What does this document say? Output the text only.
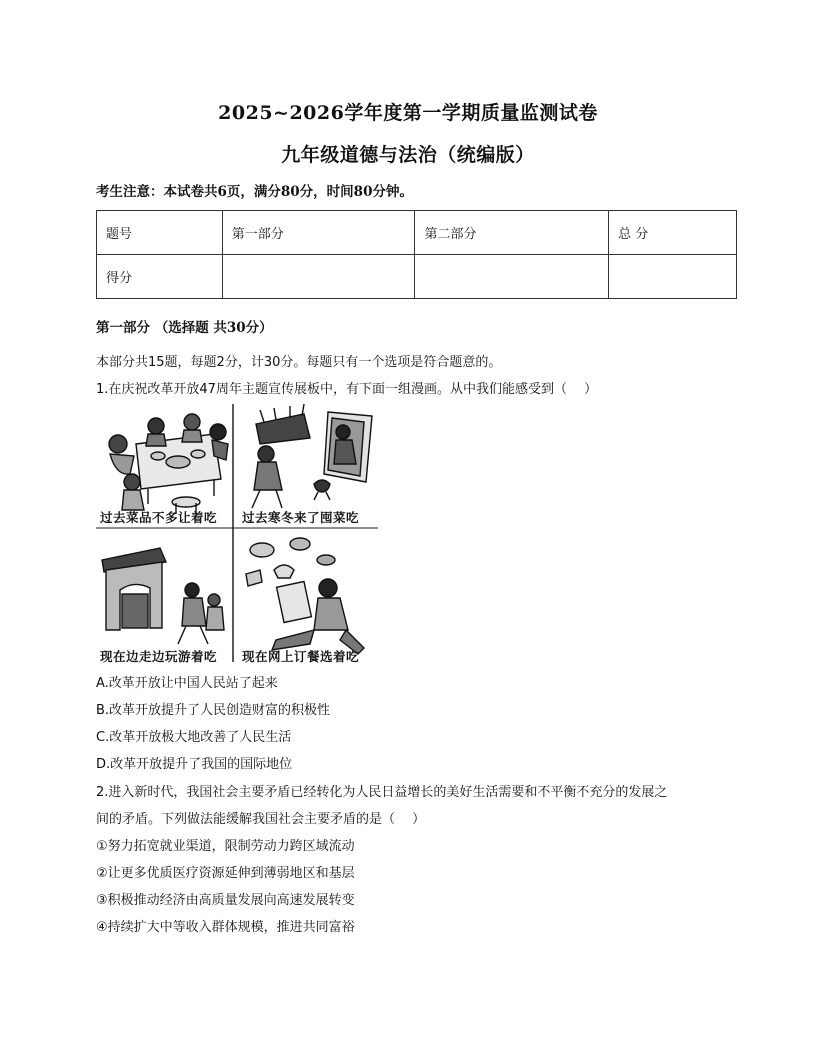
2025~2026学年度第一学期质量监测试卷
九年级道德与法治（统编版）
考生注意：本试卷共6页，满分80分，时间80分钟。
题号	第一部分	第二部分	总 分
得分			
第一部分 （选择题 共30分）
本部分共15题，每题2分，计30分。每题只有一个选项是符合题意的。
1.在庆祝改革开放47周年主题宣传展板中，有下面一组漫画。从中我们能感受到（　 ）
过去菜品不多让着吃 过去寒冬来了囤菜吃
现在边走边玩游着吃 现在网上订餐选着吃
A.改革开放让中国人民站了起来
B.改革开放提升了人民创造财富的积极性
C.改革开放极大地改善了人民生活
D.改革开放提升了我国的国际地位
2.进入新时代，我国社会主要矛盾已经转化为人民日益增长的美好生活需要和不平衡不充分的发展之
间的矛盾。下列做法能缓解我国社会主要矛盾的是（　 ）
①努力拓宽就业渠道，限制劳动力跨区域流动
②让更多优质医疗资源延伸到薄弱地区和基层
③积极推动经济由高质量发展向高速发展转变
④持续扩大中等收入群体规模，推进共同富裕
